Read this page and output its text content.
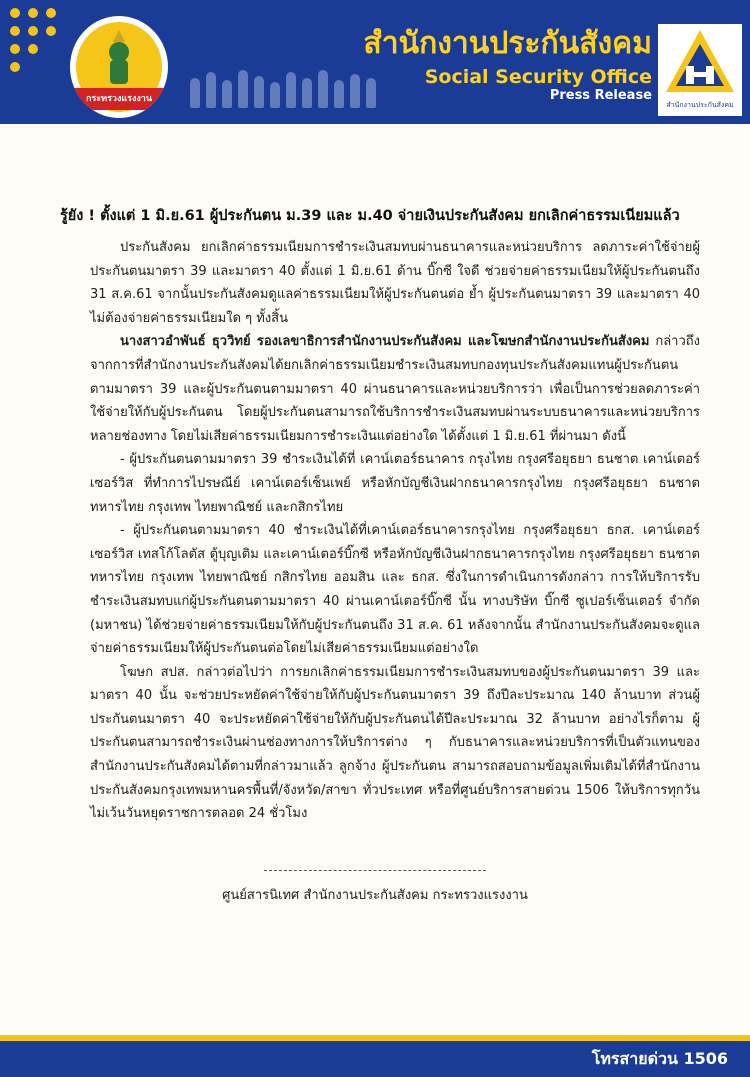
กระทรวงแรงงาน
สำนักงานประกันสังคม
Social Security Office
Press Release
สำนักงานประกันสังคม
รู้ยัง ! ตั้งแต่ 1 มิ.ย.61 ผู้ประกันตน ม.39 และ ม.40 จ่ายเงินประกันสังคม ยกเลิกค่าธรรมเนียมแล้ว

ประกันสังคม ยกเลิกค่าธรรมเนียมการชำระเงินสมทบผ่านธนาคารและหน่วยบริการ ลดภาระค่าใช้จ่ายผู้ประกันตนมาตรา 39 และมาตรา 40 ตั้งแต่ 1 มิ.ย.61 ด้าน บิ๊กซี ใจดี ช่วยจ่ายค่าธรรมเนียมให้ผู้ประกันตนถึง 31 ส.ค.61 จากนั้นประกันสังคมดูแลค่าธรรมเนียมให้ผู้ประกันตนต่อ ย้ำ ผู้ประกันตนมาตรา 39 และมาตรา 40 ไม่ต้องจ่ายค่าธรรมเนียมใด ๆ ทั้งสิ้น

นางสาวอำพันธ์ ธุววิทย์ รองเลขาธิการสำนักงานประกันสังคม และโฆษกสำนักงานประกันสังคม กล่าวถึง จากการที่สำนักงานประกันสังคมได้ยกเลิกค่าธรรมเนียมชำระเงินสมทบกองทุนประกันสังคมแทนผู้ประกันตนตามมาตรา 39 และผู้ประกันตนตามมาตรา 40 ผ่านธนาคารและหน่วยบริการว่า เพื่อเป็นการช่วยลดภาระค่าใช้จ่ายให้กับผู้ประกันตน โดยผู้ประกันตนสามารถใช้บริการชำระเงินสมทบผ่านระบบธนาคารและหน่วยบริการหลายช่องทาง โดยไม่เสียค่าธรรมเนียมการชำระเงินแต่อย่างใด ได้ตั้งแต่ 1 มิ.ย.61 ที่ผ่านมา ดังนี้

- ผู้ประกันตนตามมาตรา 39 ชำระเงินได้ที่ เคาน์เตอร์ธนาคาร กรุงไทย กรุงศรีอยุธยา ธนชาต เคาน์เตอร์เซอร์วิส ที่ทำการไปรษณีย์ เคาน์เตอร์เซ็นเพย์ หรือหักบัญชีเงินฝากธนาคารกรุงไทย กรุงศรีอยุธยา ธนชาต ทหารไทย กรุงเทพ ไทยพาณิชย์ และกสิกรไทย

- ผู้ประกันตนตามมาตรา 40 ชำระเงินได้ที่เคาน์เตอร์ธนาคารกรุงไทย กรุงศรีอยุธยา ธกส. เคาน์เตอร์เซอร์วิส เทสโก้โลตัส ตู้บุญเติม และเคาน์เตอร์บิ๊กซี หรือหักบัญชีเงินฝากธนาคารกรุงไทย กรุงศรีอยุธยา ธนชาต ทหารไทย กรุงเทพ ไทยพาณิชย์ กสิกรไทย ออมสิน และ ธกส. ซึ่งในการดำเนินการดังกล่าว การให้บริการรับชำระเงินสมทบแก่ผู้ประกันตนตามมาตรา 40 ผ่านเคาน์เตอร์บิ๊กซี นั้น ทางบริษัท บิ๊กซี ซูเปอร์เซ็นเตอร์ จำกัด (มหาชน) ได้ช่วยจ่ายค่าธรรมเนียมให้กับผู้ประกันตนถึง 31 ส.ค. 61 หลังจากนั้น สำนักงานประกันสังคมจะดูแลจ่ายค่าธรรมเนียมให้ผู้ประกันตนต่อโดยไม่เสียค่าธรรมเนียมแต่อย่างใด

โฆษก สปส. กล่าวต่อไปว่า การยกเลิกค่าธรรมเนียมการชำระเงินสมทบของผู้ประกันตนมาตรา 39 และมาตรา 40 นั้น จะช่วยประหยัดค่าใช้จ่ายให้กับผู้ประกันตนมาตรา 39 ถึงปีละประมาณ 140 ล้านบาท ส่วนผู้ประกันตนมาตรา 40 จะประหยัดค่าใช้จ่ายให้กับผู้ประกันตนได้ปีละประมาณ 32 ล้านบาท อย่างไรก็ตาม ผู้ประกันตนสามารถชำระเงินผ่านช่องทางการให้บริการต่าง ๆ กับธนาคารและหน่วยบริการที่เป็นตัวแทนของสำนักงานประกันสังคมได้ตามที่กล่าวมาแล้ว ลูกจ้าง ผู้ประกันตน สามารถสอบถามข้อมูลเพิ่มเติมได้ที่สำนักงานประกันสังคมกรุงเทพมหานครพื้นที่/จังหวัด/สาขา ทั่วประเทศ หรือที่ศูนย์บริการสายด่วน 1506 ให้บริการทุกวันไม่เว้นวันหยุดราชการตลอด 24 ชั่วโมง

ศูนย์สารนิเทศ สำนักงานประกันสังคม กระทรวงแรงงาน
โทรสายด่วน 1506
